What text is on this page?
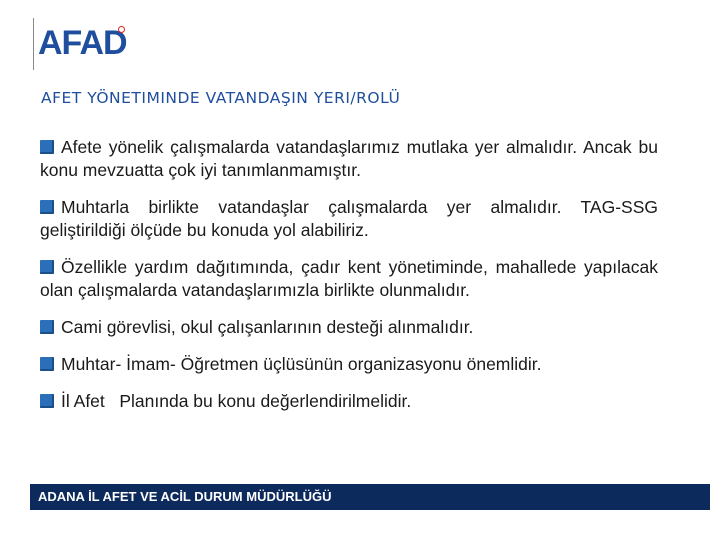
AFAD
AFET YÖNETIMINDE VATANDAŞIN YERI/ROLÜ
Afete yönelik çalışmalarda vatandaşlarımız mutlaka yer almalıdır. Ancak bu konu mevzuatta çok iyi tanımlanmamıştır.
Muhtarla birlikte vatandaşlar çalışmalarda yer almalıdır. TAG-SSG geliştirildiği ölçüde bu konuda yol alabiliriz.
Özellikle yardım dağıtımında, çadır kent yönetiminde, mahallede yapılacak olan çalışmalarda vatandaşlarımızla birlikte olunmalıdır.
Cami görevlisi, okul çalışanlarının desteği alınmalıdır.
Muhtar- İmam- Öğretmen üçlüsünün organizasyonu önemlidir.
İl Afet   Planında bu konu değerlendirilmelidir.
ADANA İL AFET VE ACİL DURUM MÜDÜRLÜĞÜ
28
